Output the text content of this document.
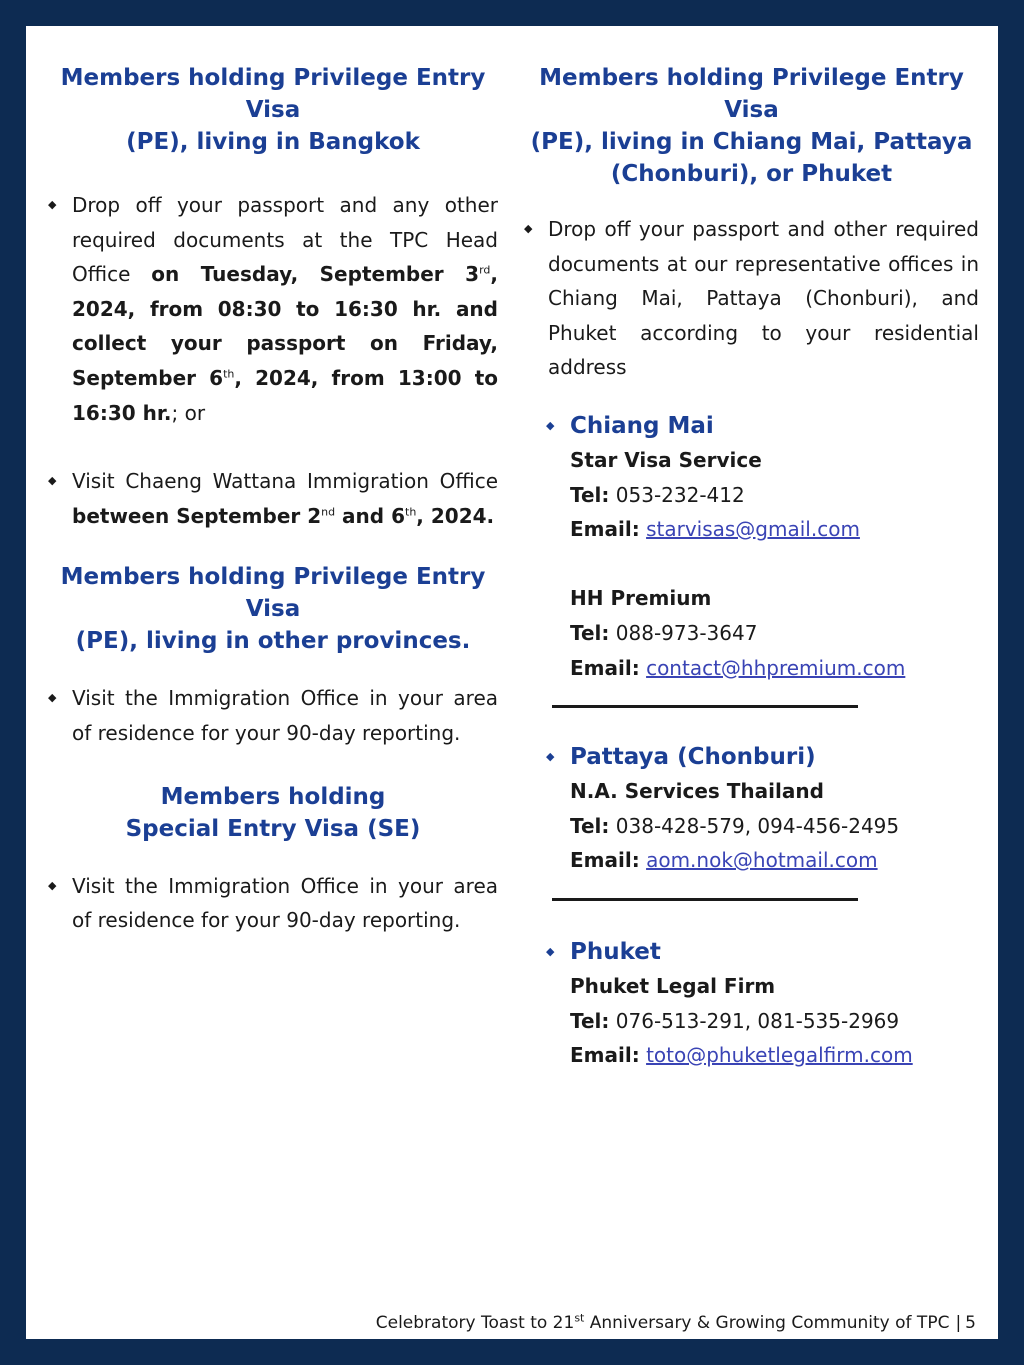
Members holding Privilege Entry Visa
(PE), living in Bangkok
◆ Drop off your passport and any other required documents at the TPC Head Office on Tuesday, September 3rd, 2024, from 08:30 to 16:30 hr. and collect your passport on Friday, September 6th, 2024, from 13:00 to 16:30 hr.; or
◆ Visit Chaeng Wattana Immigration Office between September 2nd and 6th, 2024.
Members holding Privilege Entry Visa
(PE), living in other provinces.
◆ Visit the Immigration Office in your area of residence for your 90-day reporting.
Members holding
Special Entry Visa (SE)
◆ Visit the Immigration Office in your area of residence for your 90-day reporting.
Members holding Privilege Entry Visa
(PE), living in Chiang Mai, Pattaya
(Chonburi), or Phuket
◆ Drop off your passport and other required documents at our representative offices in Chiang Mai, Pattaya (Chonburi), and Phuket according to your residential address
◆ Chiang Mai
Star Visa Service
Tel: 053-232-412
Email: starvisas@gmail.com
HH Premium
Tel: 088-973-3647
Email: contact@hhpremium.com
◆ Pattaya (Chonburi)
N.A. Services Thailand
Tel: 038-428-579, 094-456-2495
Email: aom.nok@hotmail.com
◆ Phuket
Phuket Legal Firm
Tel: 076-513-291, 081-535-2969
Email: toto@phuketlegalfirm.com
Celebratory Toast to 21st Anniversary & Growing Community of TPC | 5
